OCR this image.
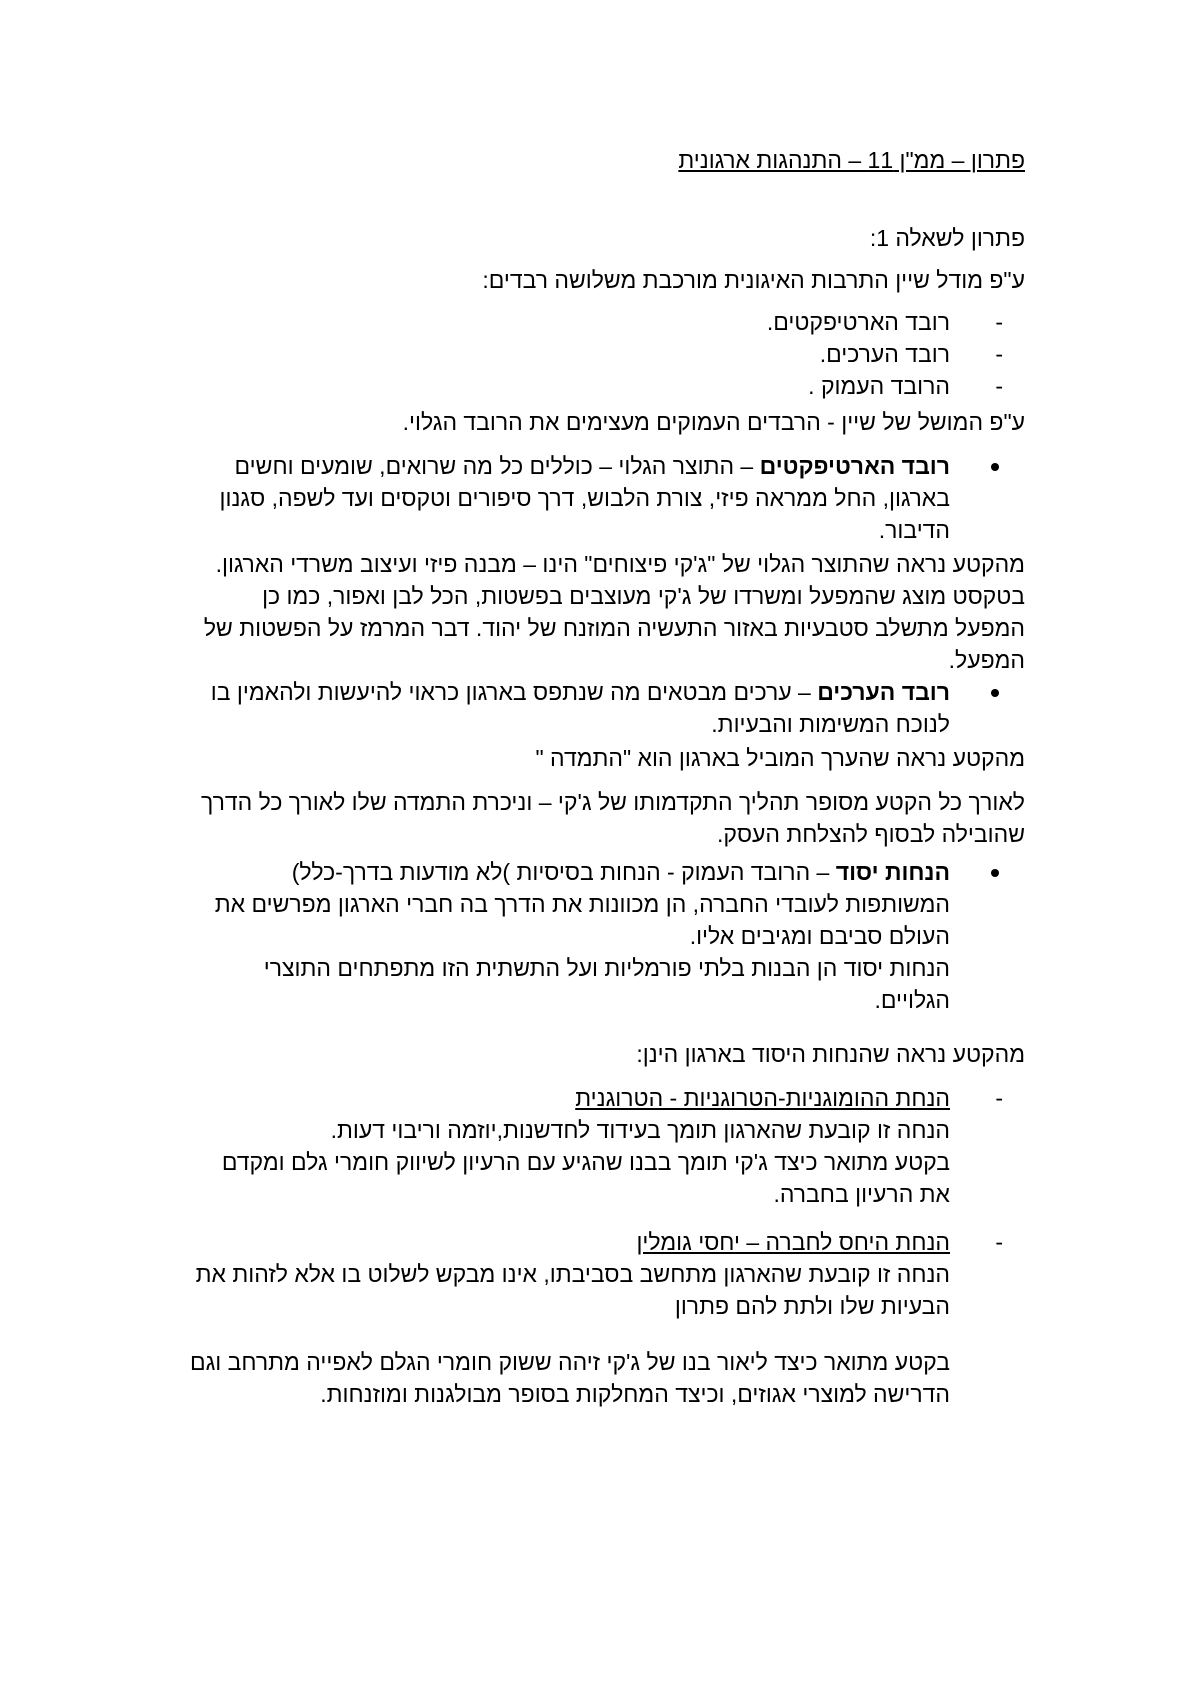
פתרון – ממ"ן 11 – התנהגות ארגונית

פתרון לשאלה 1:

ע"פ מודל שיין התרבות האיגונית מורכבת משלושה רבדים:

- רובד הארטיפקטים.
- רובד הערכים.
- הרובד העמוק .

ע"פ המושל של שיין - הרבדים העמוקים מעצימים את הרובד הגלוי.

רובד הארטיפקטים – התוצר הגלוי – כוללים כל מה שרואים, שומעים וחשים בארגון, החל ממראה פיזי, צורת הלבוש, דרך סיפורים וטקסים ועד לשפה, סגנון הדיבור.

מהקטע נראה שהתוצר הגלוי של "ג'קי פיצוחים" הינו – מבנה פיזי ועיצוב משרדי הארגון. בטקסט מוצג שהמפעל ומשרדו של ג'קי מעוצבים בפשטות, הכל לבן ואפור, כמו כן המפעל מתשלב סטבעיות באזור התעשיה המוזנח של יהוד. דבר המרמז על הפשטות של המפעל.

רובד הערכים – ערכים מבטאים מה שנתפס בארגון כראוי להיעשות ולהאמין בו לנוכח המשימות והבעיות.

מהקטע נראה שהערך המוביל בארגון הוא "התמדה "

לאורך כל הקטע מסופר תהליך התקדמותו של ג'קי – וניכרת התמדה שלו לאורך כל הדרך שהובילה לבסוף להצלחת העסק.

הנחות יסוד – הרובד העמוק - הנחות בסיסיות )לא מודעות בדרך-כלל) המשותפות לעובדי החברה, הן מכוונות את הדרך בה חברי הארגון מפרשים את העולם סביבם ומגיבים אליו.

הנחות יסוד הן הבנות בלתי פורמליות ועל התשתית הזו מתפתחים התוצרי הגלויים.

מהקטע נראה שהנחות היסוד בארגון הינן:

- הנחת ההומוגניות-הטרוגניות - הטרוגנית

הנחה זו קובעת שהארגון תומך בעידוד לחדשנות,יוזמה וריבוי דעות.

בקטע מתואר כיצד ג'קי תומך בבנו שהגיע עם הרעיון לשיווק חומרי גלם ומקדם את הרעיון בחברה.

- הנחת היחס לחברה – יחסי גומלין

הנחה זו קובעת שהארגון מתחשב בסביבתו, אינו מבקש לשלוט בו אלא לזהות את הבעיות שלו ולתת להם פתרון

בקטע מתואר כיצד ליאור בנו של ג'קי זיהה ששוק חומרי הגלם לאפייה מתרחב וגם הדרישה למוצרי אגוזים, וכיצד המחלקות בסופר מבולגנות ומוזנחות.
